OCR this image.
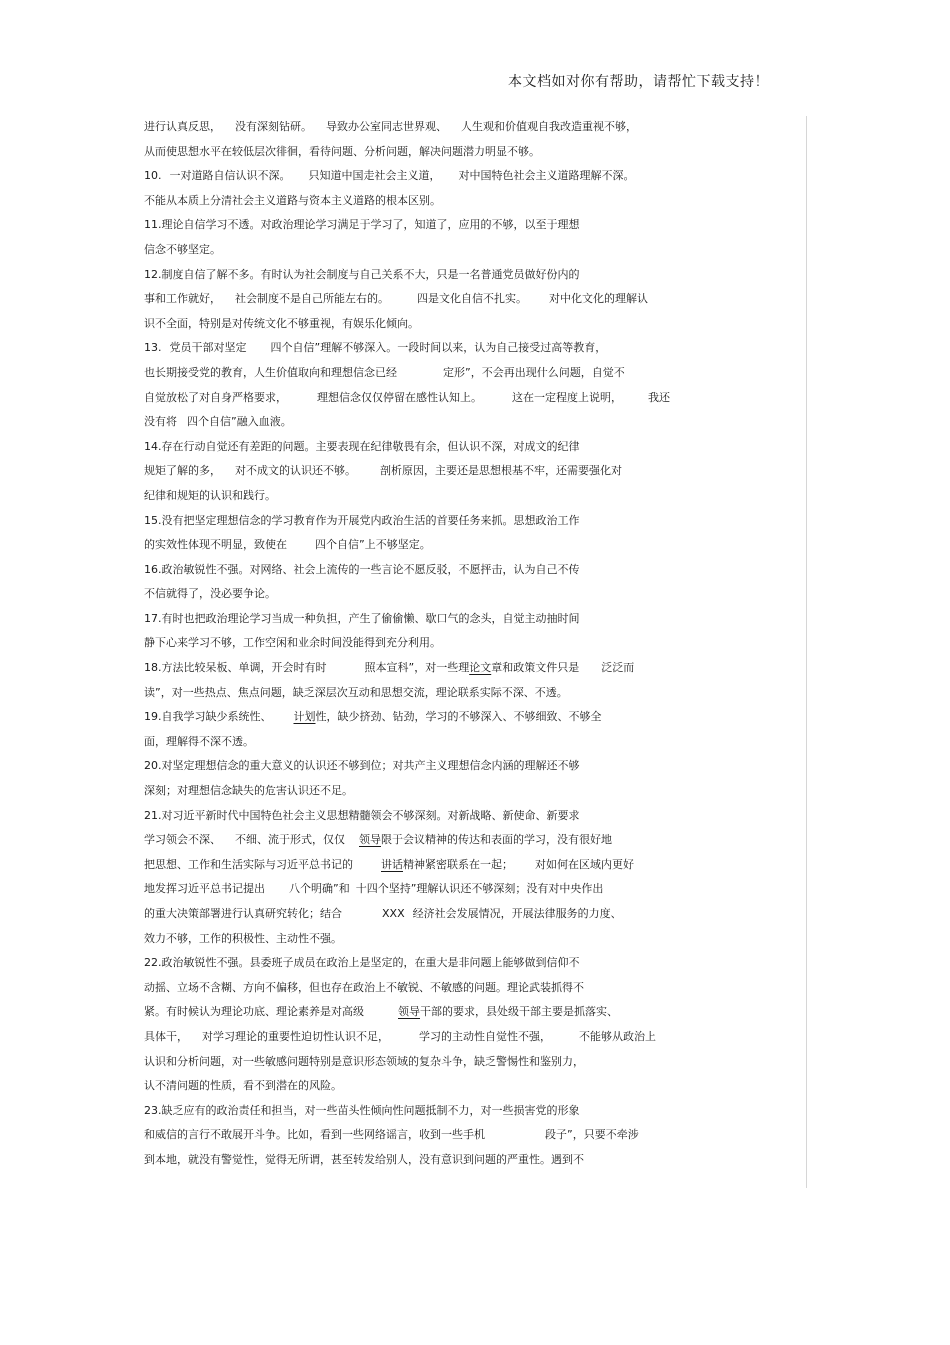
本文档如对你有帮助，请帮忙下载支持！
进行认真反思， 没有深刻钻研。 导致办公室同志世界观、 人生观和价值观自我改造重视不够，
从而使思想水平在较低层次徘徊，看待问题、分析问题，解决问题潜力明显不够。
10. 一对道路自信认识不深。 只知道中国走社会主义道， 对中国特色社会主义道路理解不深。
不能从本质上分清社会主义道路与资本主义道路的根本区别。
11.理论自信学习不透。对政治理论学习满足于学习了，知道了，应用的不够，以至于理想
信念不够坚定。
12.制度自信了解不多。有时认为社会制度与自己关系不大，只是一名普通党员做好份内的
事和工作就好， 社会制度不是自己所能左右的。	四是文化自信不扎实。 对中化文化的理解认
识不全面，特别是对传统文化不够重视，有娱乐化倾向。
13. 党员干部对坚定 四个自信”理解不够深入。一段时间以来，认为自己接受过高等教育，
也长期接受党的教育，人生价值取向和理想信念已经	定形”，不会再出现什么问题，自觉不
自觉放松了对自身严格要求，	理想信念仅仅停留在感性认知上。	这在一定程度上说明， 我还
没有将 四个自信”融入血液。
14.存在行动自觉还有差距的问题。主要表现在纪律敬畏有余，但认识不深，对成文的纪律
规矩了解的多， 对不成文的认识还不够。 剖析原因，主要还是思想根基不牢，还需要强化对
纪律和规矩的认识和践行。
15.没有把坚定理想信念的学习教育作为开展党内政治生活的首要任务来抓。思想政治工作
的实效性体现不明显，致使在	四个自信”上不够坚定。
16.政治敏锐性不强。对网络、社会上流传的一些言论不愿反驳，不愿抨击，认为自己不传
不信就得了，没必要争论。
17.有时也把政治理论学习当成一种负担，产生了偷偷懒、歇口气的念头，自觉主动抽时间
静下心来学习不够，工作空闲和业余时间没能得到充分利用。
18.方法比较呆板、单调，开会时有时	照本宣科”，对一些理论文章和政策文件只是 泛泛而
读”，对一些热点、焦点问题，缺乏深层次互动和思想交流，理论联系实际不深、不透。
19.自我学习缺少系统性、 计划性，缺少挤劲、钻劲，学习的不够深入、不够细致、不够全
面，理解得不深不透。
20.对坚定理想信念的重大意义的认识还不够到位；对共产主义理想信念内涵的理解还不够
深刻；对理想信念缺失的危害认识还不足。
21.对习近平新时代中国特色社会主义思想精髓领会不够深刻。对新战略、新使命、新要求
学习领会不深、 不细、流于形式，仅仅 领导限于会议精神的传达和表面的学习，没有很好地
把思想、工作和生活实际与习近平总书记的	讲话精神紧密联系在一起； 对如何在区域内更好
地发挥习近平总书记提出 八个明确”和 十四个坚持”理解认识还不够深刻；没有对中央作出
的重大决策部署进行认真研究转化；结合	XXX 经济社会发展情况，开展法律服务的力度、
效力不够，工作的积极性、主动性不强。
22.政治敏锐性不强。县委班子成员在政治上是坚定的，在重大是非问题上能够做到信仰不
动摇、立场不含糊、方向不偏移，但也存在政治上不敏锐、不敏感的问题。理论武装抓得不
紧。有时候认为理论功底、理论素养是对高级	领导干部的要求，县处级干部主要是抓落实、
具体干， 对学习理论的重要性迫切性认识不足，	学习的主动性自觉性不强，	不能够从政治上
认识和分析问题，对一些敏感问题特别是意识形态领域的复杂斗争，缺乏警惕性和鉴别力，
认不清问题的性质，看不到潜在的风险。
23.缺乏应有的政治责任和担当，对一些苗头性倾向性问题抵制不力，对一些损害党的形象
和威信的言行不敢展开斗争。比如，看到一些网络谣言，收到一些手机	段子”，只要不牵涉
到本地，就没有警觉性，觉得无所谓，甚至转发给别人，没有意识到问题的严重性。遇到不
